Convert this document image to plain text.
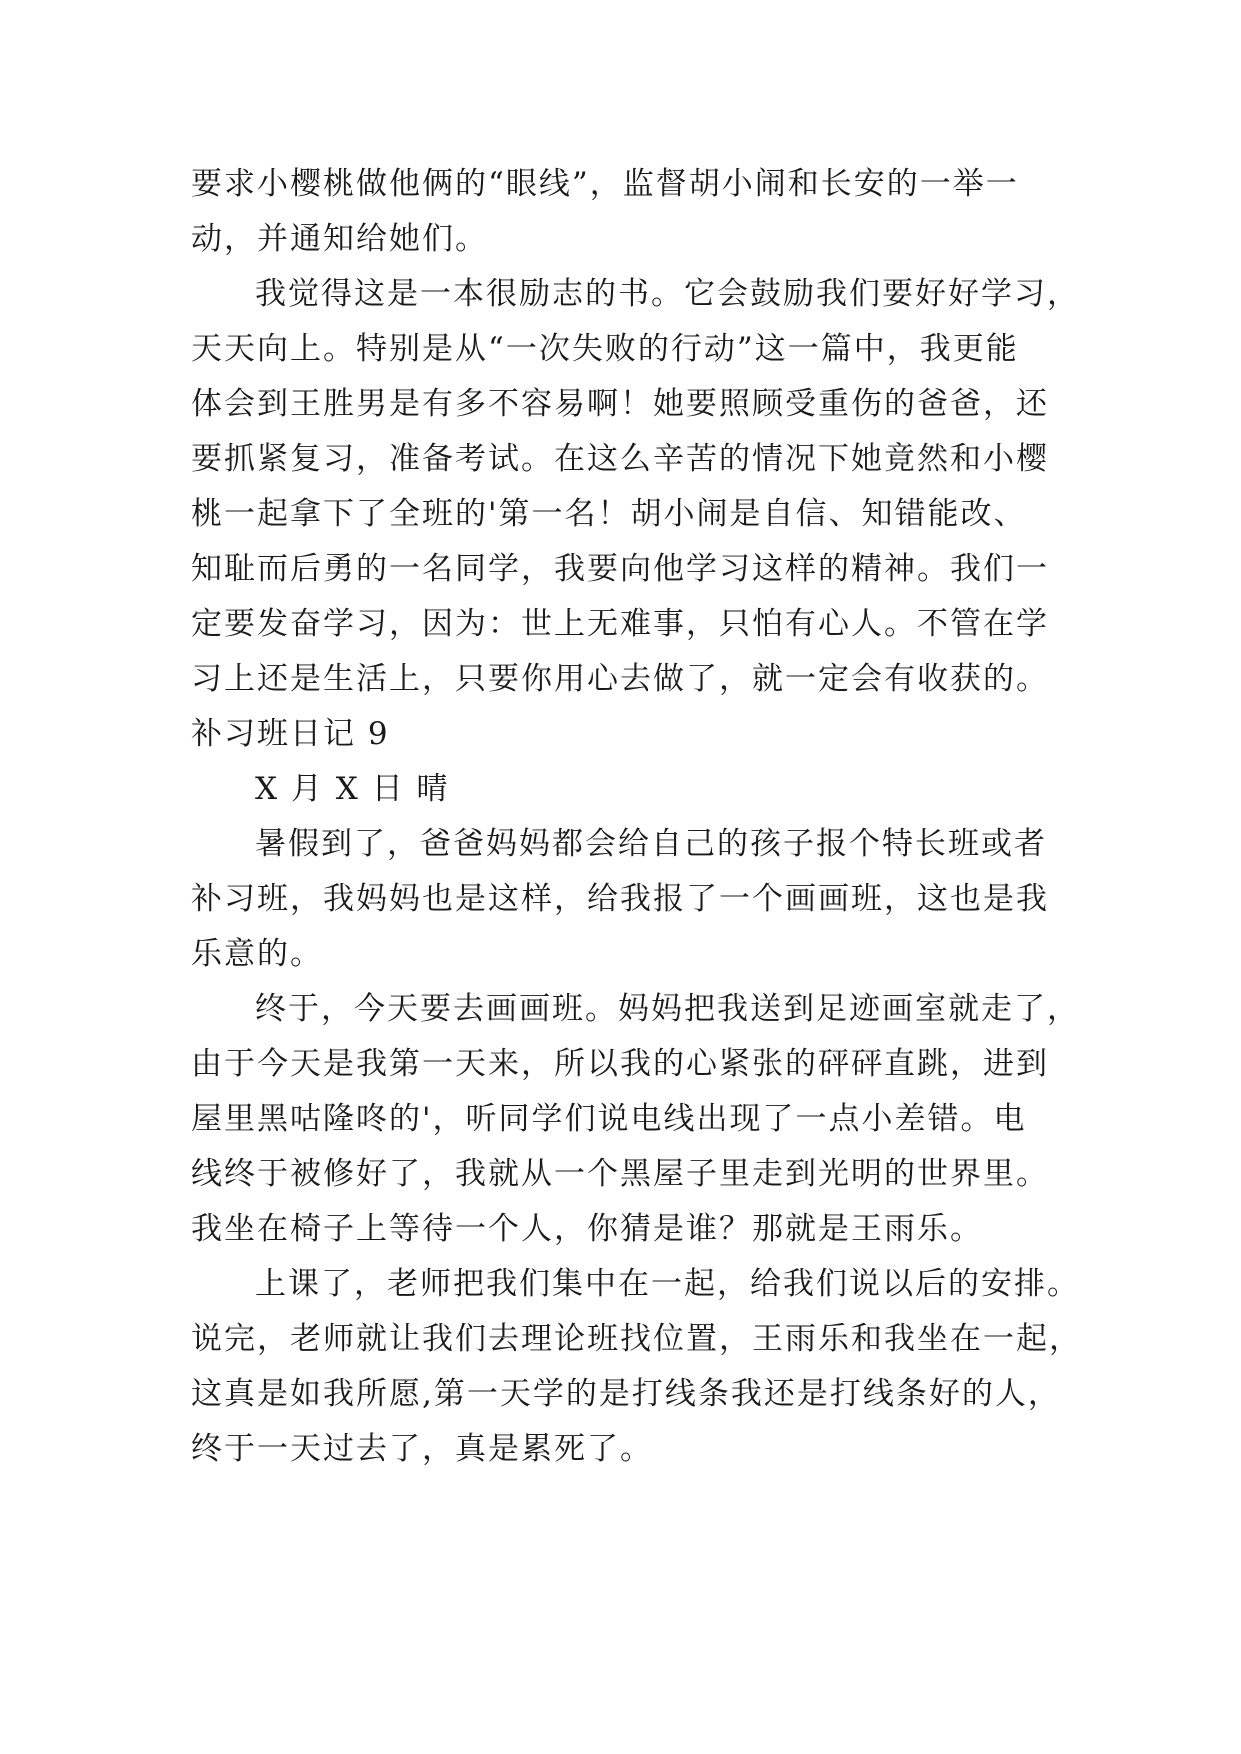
要求小樱桃做他俩的“眼线”，监督胡小闹和长安的一举一
动，并通知给她们。
我觉得这是一本很励志的书。它会鼓励我们要好好学习，
天天向上。特别是从“一次失败的行动”这一篇中，我更能
体会到王胜男是有多不容易啊！她要照顾受重伤的爸爸，还
要抓紧复习，准备考试。在这么辛苦的情况下她竟然和小樱
桃一起拿下了全班的'第一名！胡小闹是自信、知错能改、
知耻而后勇的一名同学，我要向他学习这样的精神。我们一
定要发奋学习，因为：世上无难事，只怕有心人。不管在学
习上还是生活上，只要你用心去做了，就一定会有收获的。
补习班日记 9
X 月 X 日 晴
暑假到了，爸爸妈妈都会给自己的孩子报个特长班或者
补习班，我妈妈也是这样，给我报了一个画画班，这也是我
乐意的。
终于，今天要去画画班。妈妈把我送到足迹画室就走了，
由于今天是我第一天来，所以我的心紧张的砰砰直跳，进到
屋里黑咕隆咚的'，听同学们说电线出现了一点小差错。电
线终于被修好了，我就从一个黑屋子里走到光明的世界里。
我坐在椅子上等待一个人，你猜是谁？那就是王雨乐。
上课了，老师把我们集中在一起，给我们说以后的安排。
说完，老师就让我们去理论班找位置，王雨乐和我坐在一起，
这真是如我所愿,第一天学的是打线条我还是打线条好的人，
终于一天过去了，真是累死了。
